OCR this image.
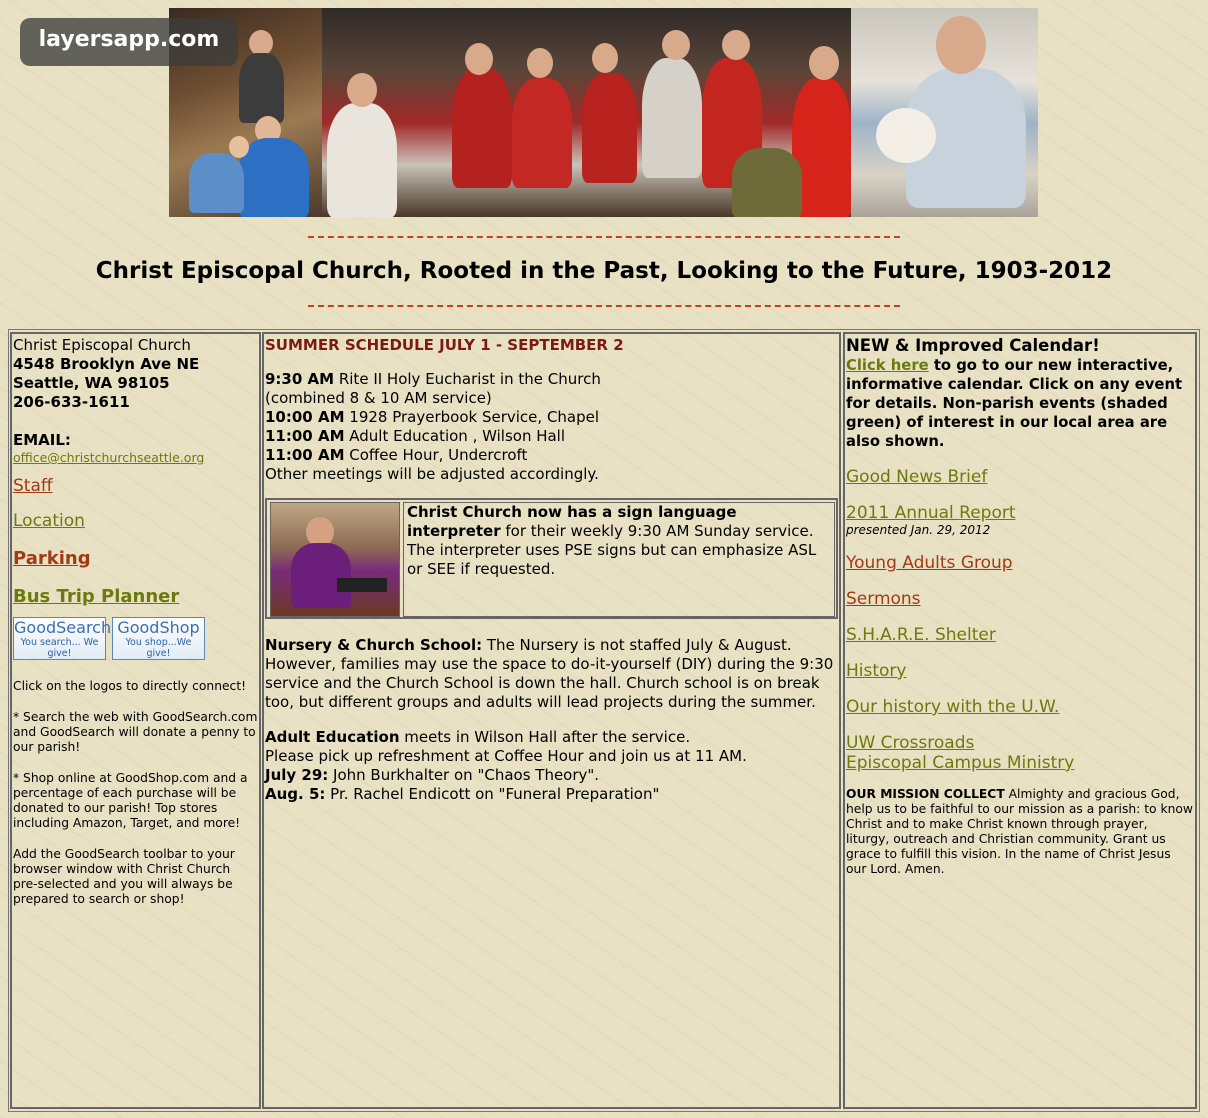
layersapp.com
Christ Episcopal Church, Rooted in the Past, Looking to the Future, 1903-2012
Christ Episcopal Church
4548 Brooklyn Ave NE
Seattle, WA 98105
206-633-1611
EMAIL:
office@christchurchseattle.org
Staff
Location
Parking
Bus Trip Planner
GoodSearch
You search... We give!
GoodShop
You shop...We give!
Click on the logos to directly connect!
* Search the web with GoodSearch.com and GoodSearch will donate a penny to our parish!
* Shop online at GoodShop.com and a percentage of each purchase will be donated to our parish! Top stores including Amazon, Target, and more!
Add the GoodSearch toolbar to your browser window with Christ Church pre-selected and you will always be prepared to search or shop!
SUMMER SCHEDULE JULY 1 - SEPTEMBER 2
9:30 AM Rite II Holy Eucharist in the Church
(combined 8 & 10 AM service)
10:00 AM 1928 Prayerbook Service, Chapel
11:00 AM Adult Education , Wilson Hall
11:00 AM Coffee Hour, Undercroft
Other meetings will be adjusted accordingly.
Christ Church now has a sign language interpreter for their weekly 9:30 AM Sunday service. The interpreter uses PSE signs but can emphasize ASL or SEE if requested.
Nursery & Church School: The Nursery is not staffed July & August. However, families may use the space to do-it-yourself (DIY) during the 9:30 service and the Church School is down the hall. Church school is on break too, but different groups and adults will lead projects during the summer.
Adult Education meets in Wilson Hall after the service.
Please pick up refreshment at Coffee Hour and join us at 11 AM.
July 29: John Burkhalter on "Chaos Theory".
Aug. 5: Pr. Rachel Endicott on "Funeral Preparation"
NEW & Improved Calendar!
Click here to go to our new interactive, informative calendar. Click on any event for details. Non-parish events (shaded green) of interest in our local area are also shown.
Good News Brief
2011 Annual Report
presented Jan. 29, 2012
Young Adults Group
Sermons
S.H.A.R.E. Shelter
History
Our history with the U.W.
UW Crossroads
Episcopal Campus Ministry
OUR MISSION COLLECT Almighty and gracious God, help us to be faithful to our mission as a parish: to know Christ and to make Christ known through prayer, liturgy, outreach and Christian community. Grant us grace to fulfill this vision. In the name of Christ Jesus our Lord. Amen.
